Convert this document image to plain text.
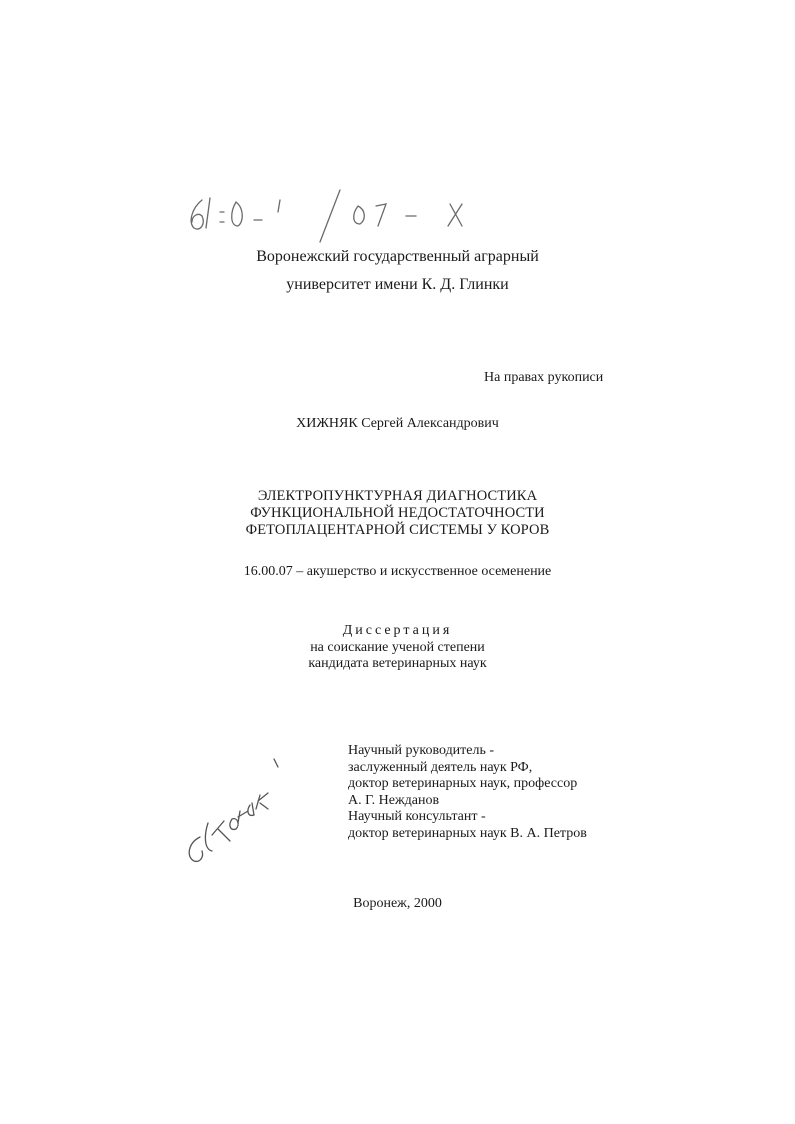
Воронежский государственный аграрный
университет имени К. Д. Глинки
На правах рукописи
ХИЖНЯК Сергей Александрович
ЭЛЕКТРОПУНКТУРНАЯ ДИАГНОСТИКА
ФУНКЦИОНАЛЬНОЙ НЕДОСТАТОЧНОСТИ
ФЕТОПЛАЦЕНТАРНОЙ СИСТЕМЫ У КОРОВ
16.00.07 – акушерство и искусственное осеменение
Диссертация
на соискание ученой степени
кандидата ветеринарных наук
Научный руководитель -
заслуженный деятель наук РФ,
доктор ветеринарных наук, профессор
А. Г. Нежданов
Научный консультант -
доктор ветеринарных наук В. А. Петров
Воронеж, 2000
